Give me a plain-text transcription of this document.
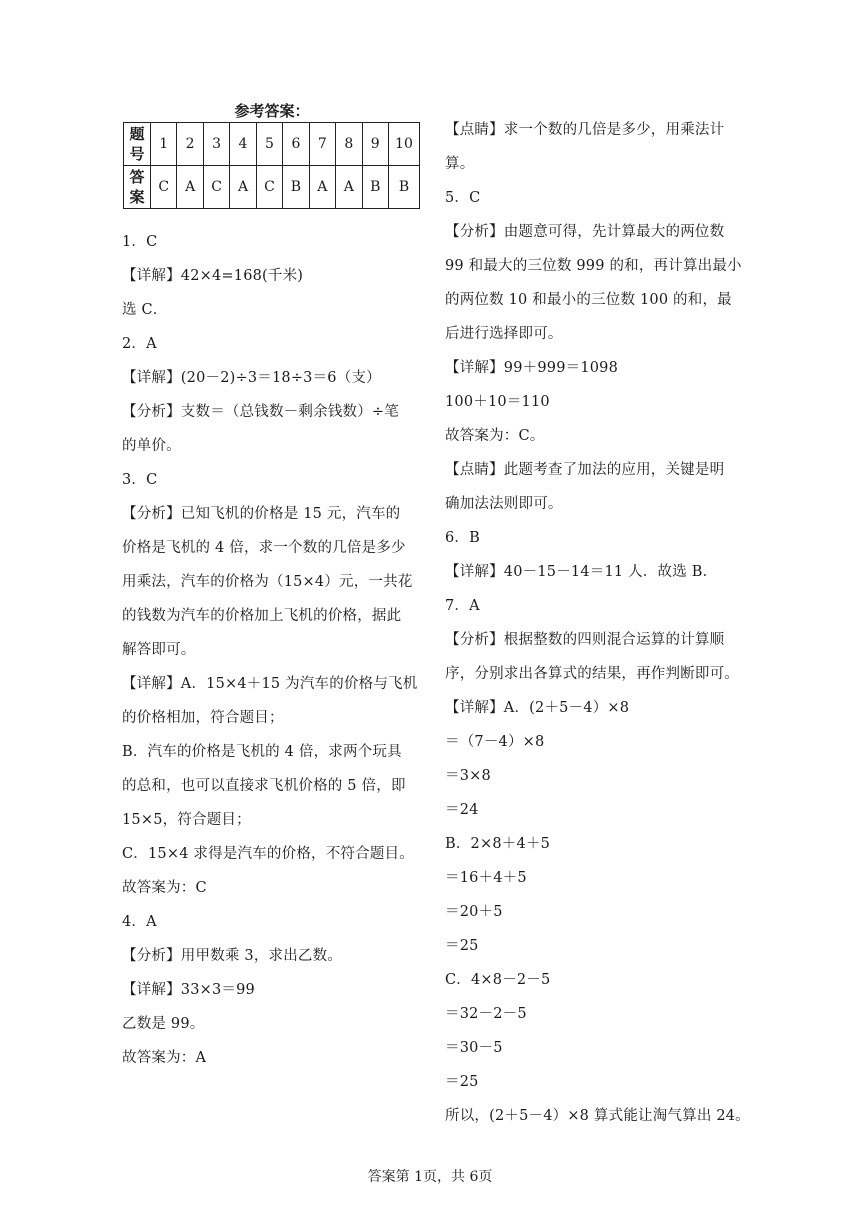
参考答案：
题
号	1	2	3	4	5	6	7	8	9	10

答
案	C	A	C	A	C	B	A	A	B	B
1．C
【详解】42×4=168(千米)
选 C．
2．A
【详解】(20－2)÷3＝18÷3＝6（支）
【分析】支数＝（总钱数－剩余钱数）÷笔
的单价。
3．C
【分析】已知飞机的价格是 15 元，汽车的
价格是飞机的 4 倍，求一个数的几倍是多少
用乘法，汽车的价格为（15×4）元，一共花
的钱数为汽车的价格加上飞机的价格，据此
解答即可。
【详解】A．15×4＋15 为汽车的价格与飞机
的价格相加，符合题目；
B．汽车的价格是飞机的 4 倍，求两个玩具
的总和，也可以直接求飞机价格的 5 倍，即
15×5，符合题目；
C．15×4 求得是汽车的价格，不符合题目。
故答案为：C
4．A
【分析】用甲数乘 3，求出乙数。
【详解】33×3＝99
乙数是 99。
故答案为：A
【点睛】求一个数的几倍是多少，用乘法计
算。
5．C
【分析】由题意可得，先计算最大的两位数
99 和最大的三位数 999 的和，再计算出最小
的两位数 10 和最小的三位数 100 的和，最
后进行选择即可。
【详解】99＋999＝1098
100＋10＝110
故答案为：C。
【点睛】此题考查了加法的应用，关键是明
确加法法则即可。
6．B
【详解】40－15－14＝11 人．故选 B．
7．A
【分析】根据整数的四则混合运算的计算顺
序，分别求出各算式的结果，再作判断即可。
【详解】A．(2＋5－4）×8
＝（7－4）×8
＝3×8
＝24
B．2×8＋4＋5
＝16＋4＋5
＝20＋5
＝25
C．4×8－2－5
＝32－2－5
＝30－5
＝25
所以，(2＋5－4）×8 算式能让淘气算出 24。
答案第 1页，共 6页
